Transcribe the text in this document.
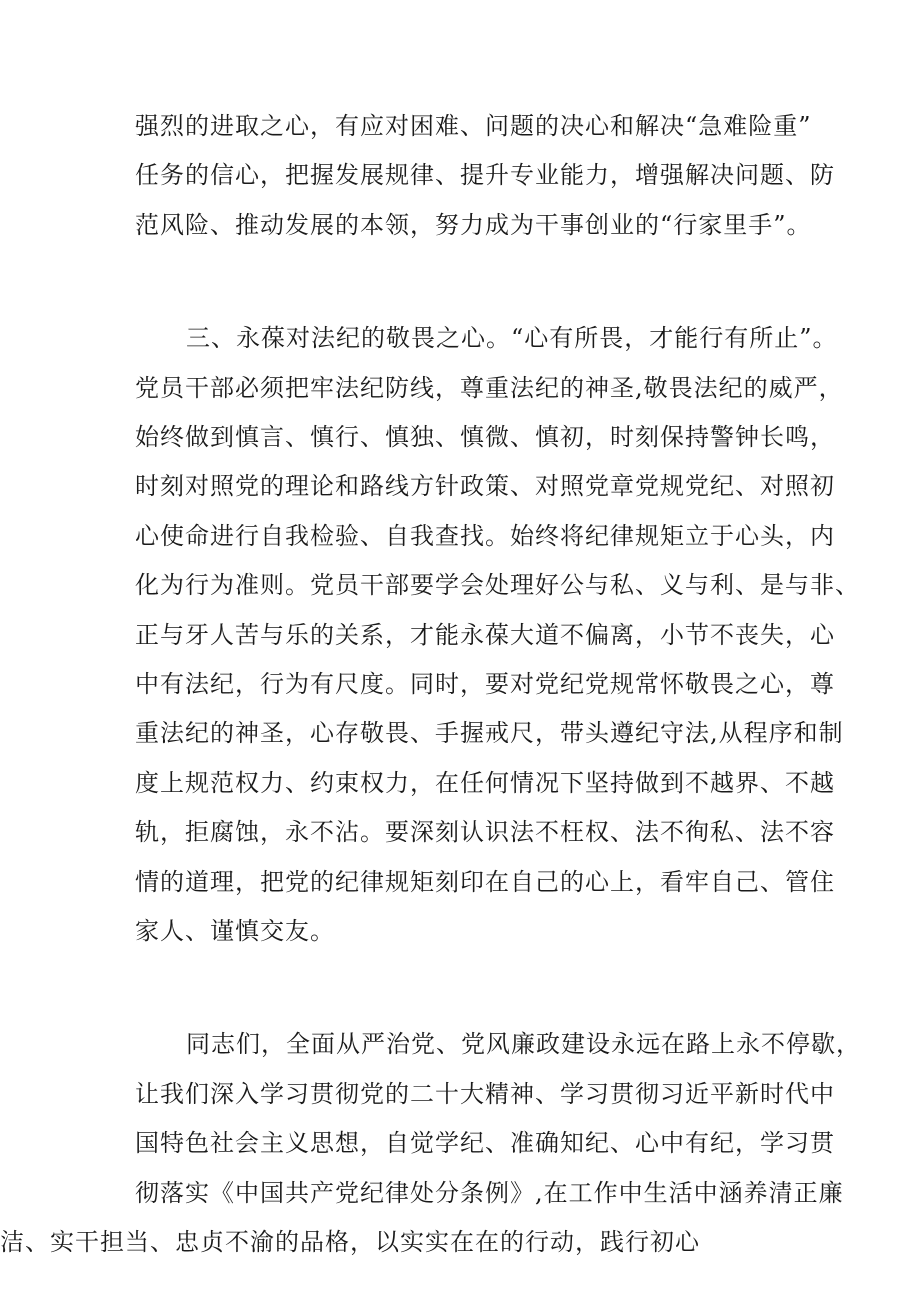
强烈的进取之心，有应对困难、问题的决心和解决“急难险重”
任务的信心，把握发展规律、提升专业能力，增强解决问题、防
范风险、推动发展的本领，努力成为干事创业的“行家里手”。
三、永葆对法纪的敬畏之心。“心有所畏，才能行有所止”。
党员干部必须把牢法纪防线，尊重法纪的神圣,敬畏法纪的威严，
始终做到慎言、慎行、慎独、慎微、慎初，时刻保持警钟长鸣，
时刻对照党的理论和路线方针政策、对照党章党规党纪、对照初
心使命进行自我检验、自我查找。始终将纪律规矩立于心头，内
化为行为准则。党员干部要学会处理好公与私、义与利、是与非、
正与牙人苦与乐的关系，才能永葆大道不偏离，小节不丧失，心
中有法纪，行为有尺度。同时，要对党纪党规常怀敬畏之心，尊
重法纪的神圣，心存敬畏、手握戒尺，带头遵纪守法,从程序和制
度上规范权力、约束权力，在任何情况下坚持做到不越界、不越
轨，拒腐蚀，永不沾。要深刻认识法不枉权、法不徇私、法不容
情的道理，把党的纪律规矩刻印在自己的心上，看牢自己、管住
家人、谨慎交友。
同志们，全面从严治党、党风廉政建设永远在路上永不停歇，
让我们深入学习贯彻党的二十大精神、学习贯彻习近平新时代中
国特色社会主义思想，自觉学纪、准确知纪、心中有纪，学习贯
彻落实《中国共产党纪律处分条例》,在工作中生活中涵养清正廉
洁、实干担当、忠贞不渝的品格，以实实在在的行动，践行初心
